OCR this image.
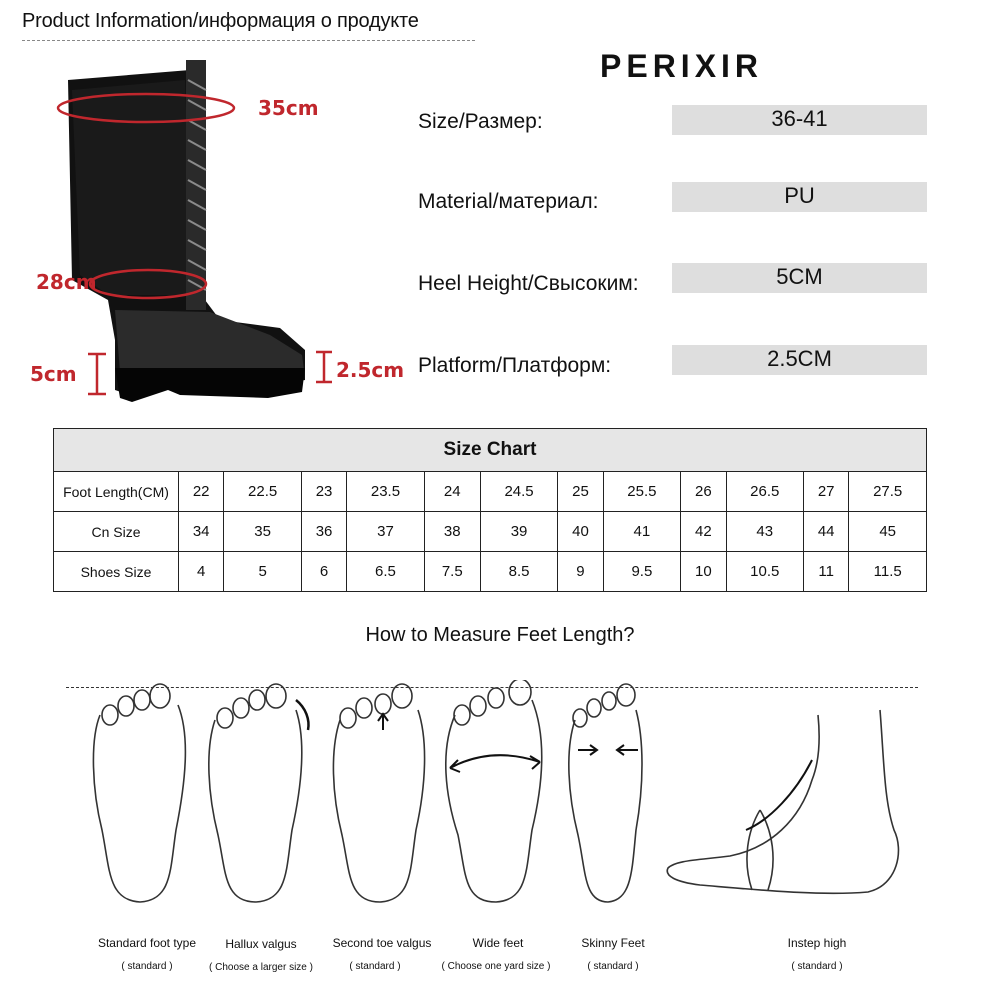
Product Information/информация о продукте
PERIXIR
35cm
28cm
5cm	2.5cm
Size/Размер:	36-41
Material/материал:	PU
Heel Height/Свысоким:	5CM
Platform/Платформ:	2.5CM
Size Chart												
Foot Length(CM)	22	22.5	23	23.5	24	24.5	25	25.5	26	26.5	27	27.5
Cn Size	34	35	36	37	38	39	40	41	42	43	44	45
Shoes Size	4	5	6	6.5	7.5	8.5	9	9.5	10	10.5	11	11.5
How to Measure Feet Length?
Standard foot type
( standard )
Hallux valgus
( Choose a larger size )
Second toe valgus
( standard )
Wide feet
( Choose one yard size )
Skinny Feet
( standard )
Instep high
( standard )
